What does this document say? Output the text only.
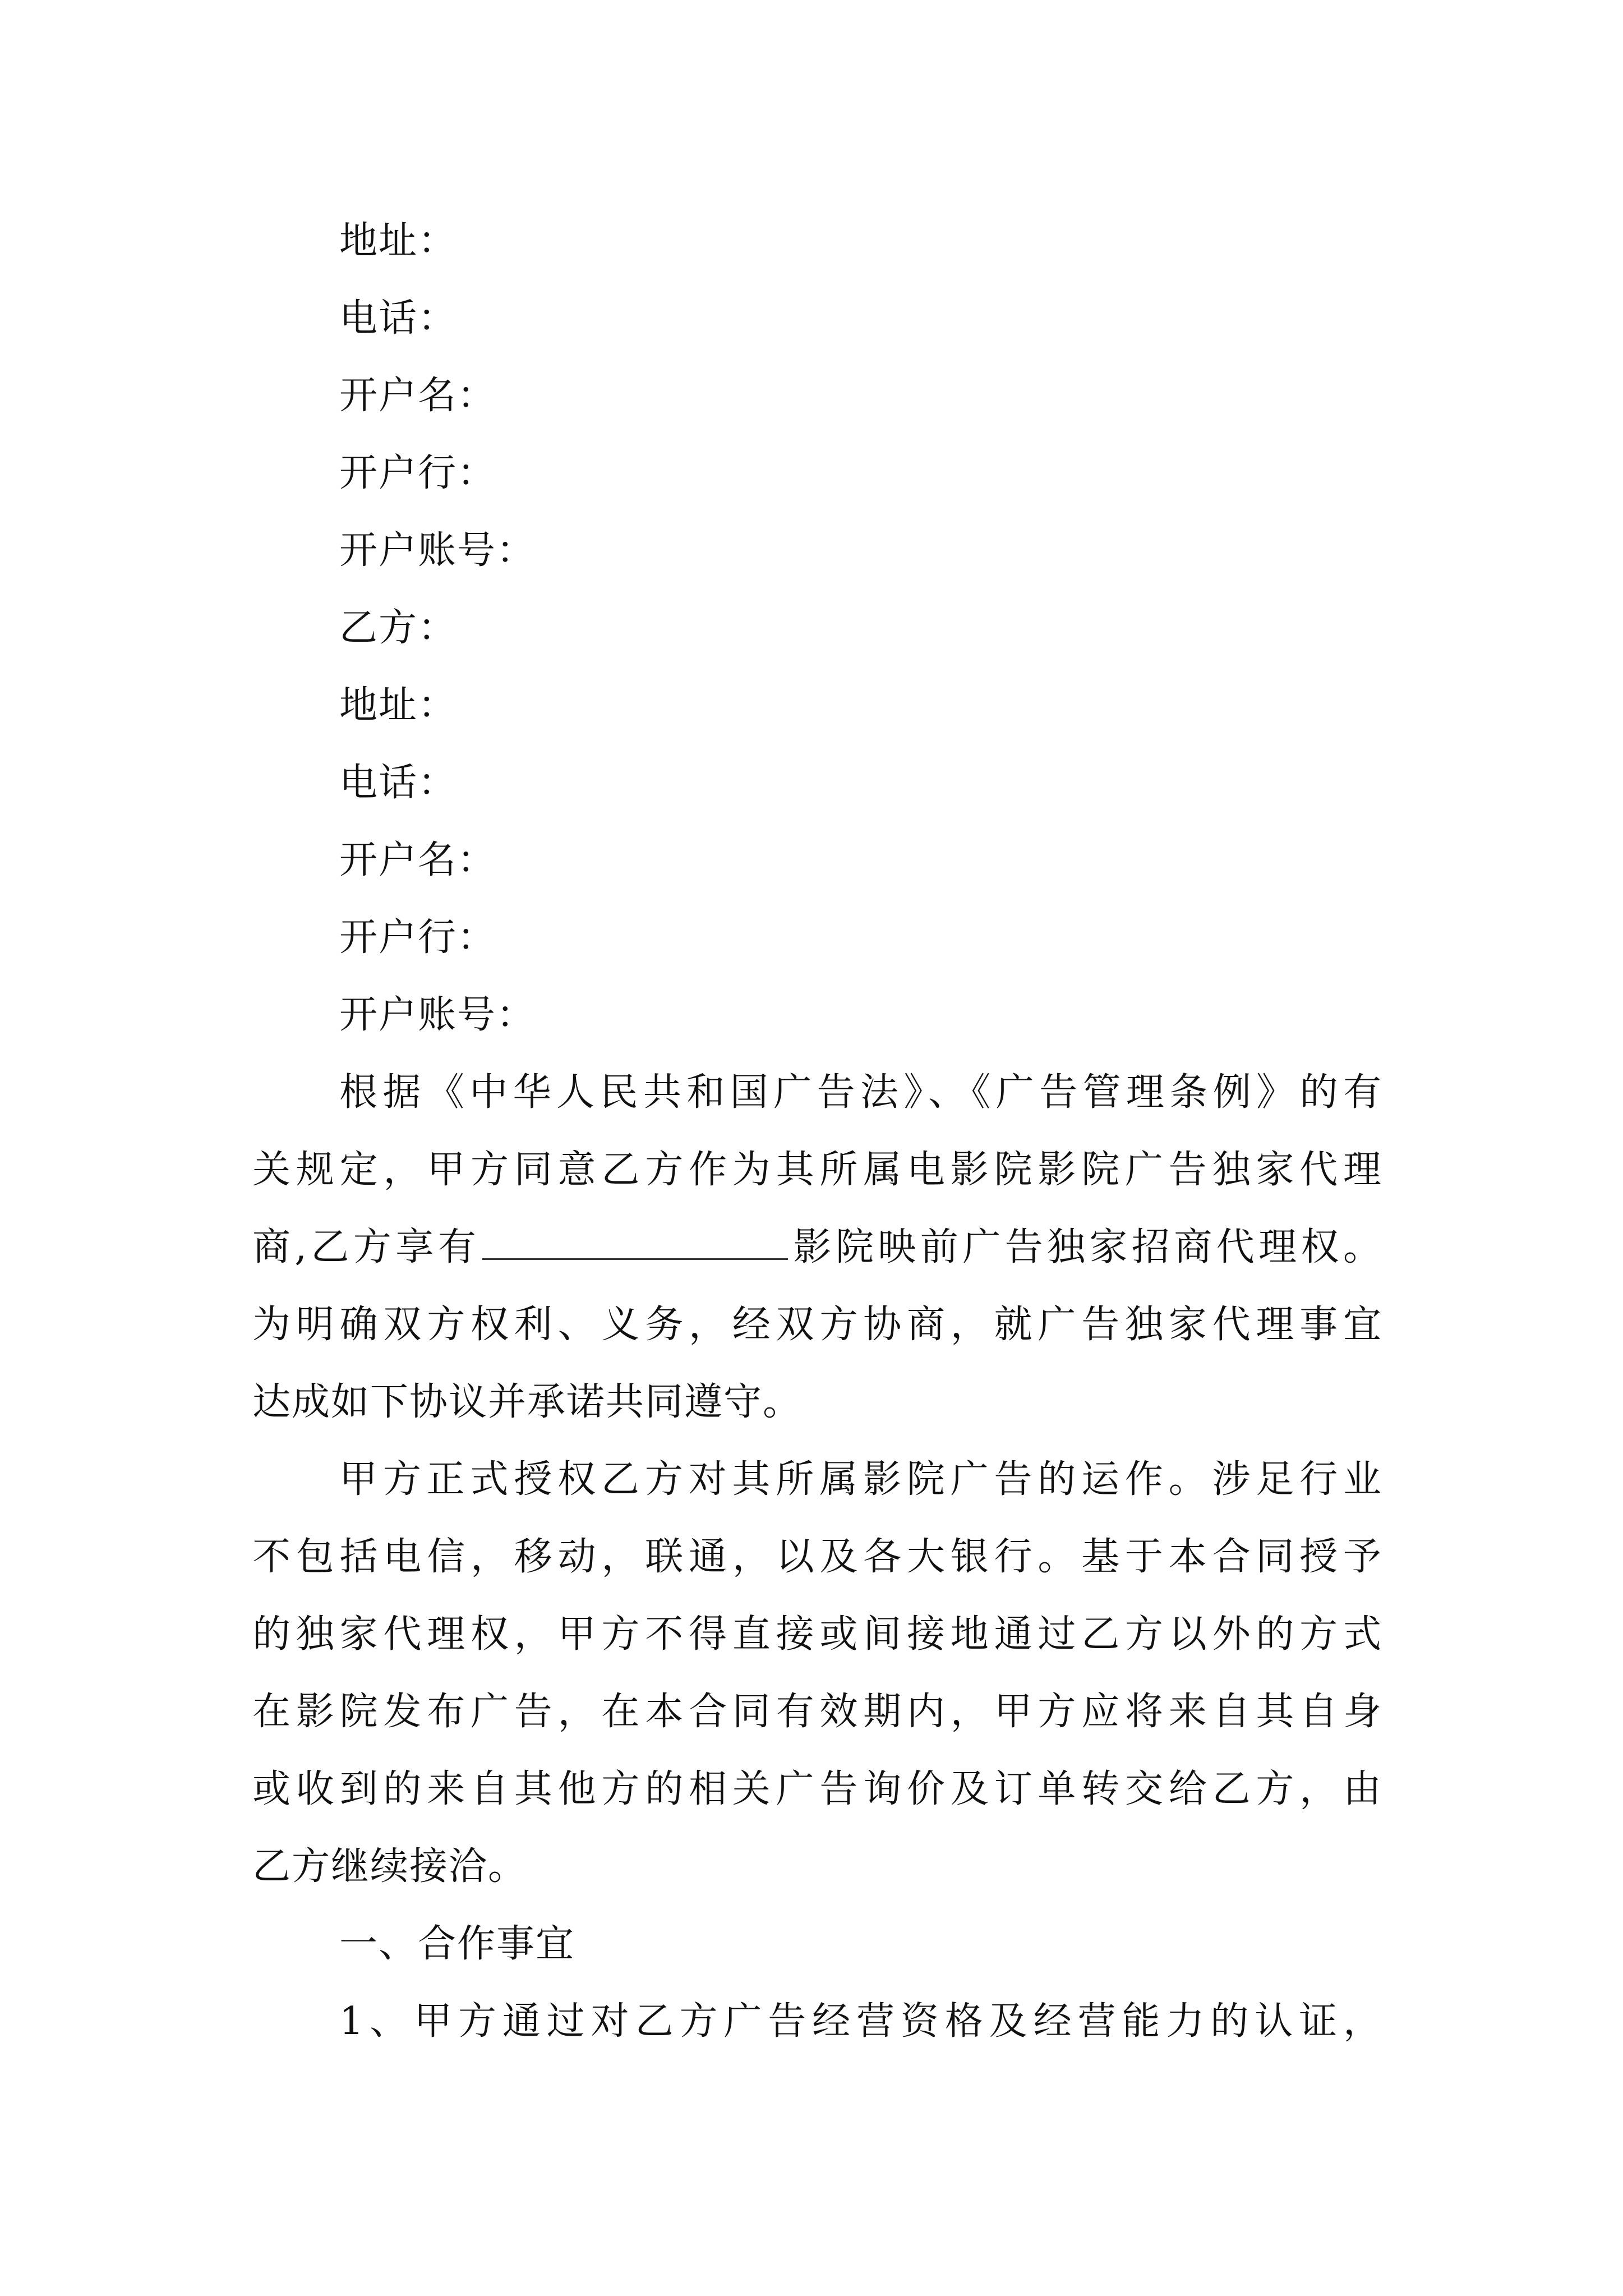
地址：
电话：
开户名：
开户行：
开户账号：
乙方：
地址：
电话：
开户名：
开户行：
开户账号：
根据《中华人民共和国广告法》、《广告管理条例》的有
关规定，甲方同意乙方作为其所属电影院影院广告独家代理
商,乙方享有	影院映前广告独家招商代理权。
为明确双方权利、义务，经双方协商，就广告独家代理事宜
达成如下协议并承诺共同遵守。
甲方正式授权乙方对其所属影院广告的运作。涉足行业
不包括电信，移动，联通，以及各大银行。基于本合同授予
的独家代理权，甲方不得直接或间接地通过乙方以外的方式
在影院发布广告，在本合同有效期内，甲方应将来自其自身
或收到的来自其他方的相关广告询价及订单转交给乙方，由
乙方继续接洽。
一、合作事宜
1、甲方通过对乙方广告经营资格及经营能力的认证，
